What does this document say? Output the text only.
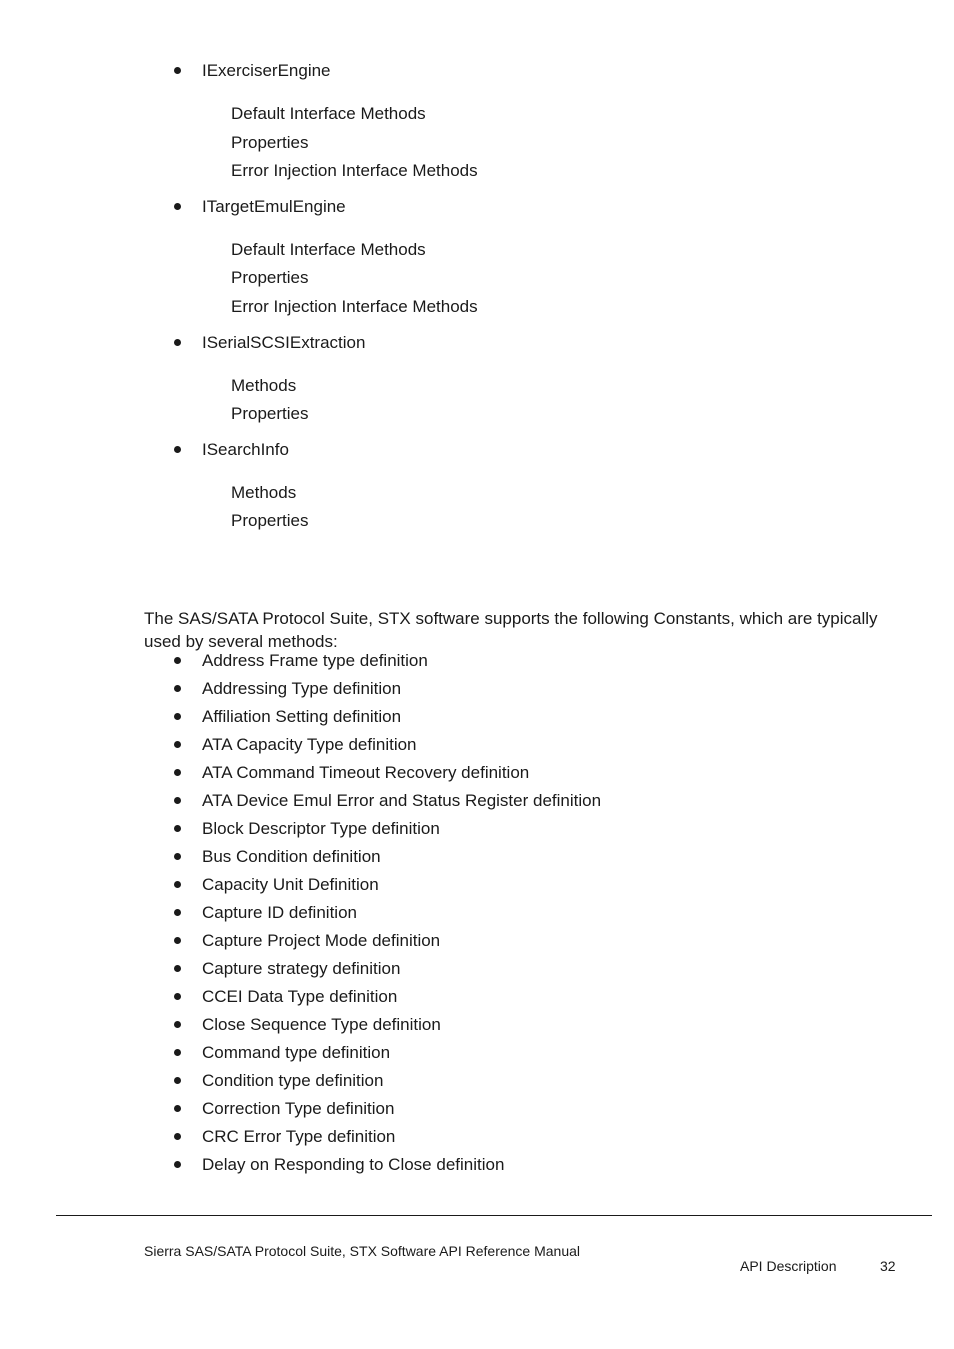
IExerciserEngine
Default Interface Methods
Properties
Error Injection Interface Methods
ITargetEmulEngine
Default Interface Methods
Properties
Error Injection Interface Methods
ISerialSCSIExtraction
Methods
Properties
ISearchInfo
Methods
Properties

The SAS/SATA Protocol Suite, STX software supports the following Constants, which are typically used by several methods:

Address Frame type definition
Addressing Type definition
Affiliation Setting definition
ATA Capacity Type definition
ATA Command Timeout Recovery definition
ATA Device Emul Error and Status Register definition
Block Descriptor Type definition
Bus Condition definition
Capacity Unit Definition
Capture ID definition
Capture Project Mode definition
Capture strategy definition
CCEI Data Type definition
Close Sequence Type definition
Command type definition
Condition type definition
Correction Type definition
CRC Error Type definition
Delay on Responding to Close definition
Sierra SAS/SATA Protocol Suite, STX Software API Reference Manual
API Description	32
